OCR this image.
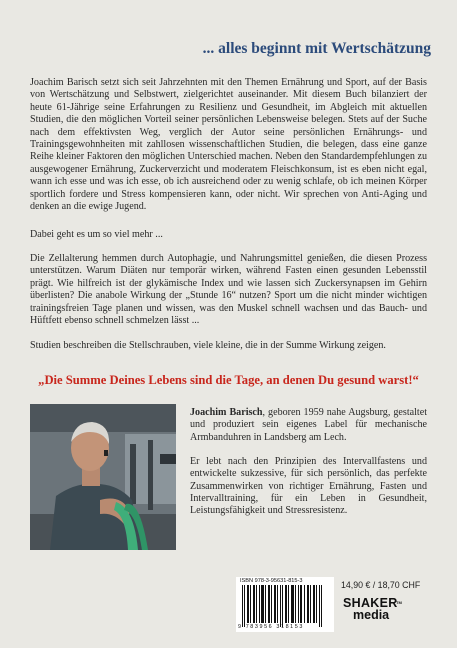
... alles beginnt mit Wertschätzung

Joachim Barisch setzt sich seit Jahrzehnten mit den Themen Ernährung und Sport, auf der Basis von Wertschätzung und Selbstwert, zielgerichtet auseinander. Mit diesem Buch bilanziert der heute 61-Jährige seine Erfahrungen zu Resilienz und Gesundheit, im Abgleich mit aktuellen Studien, die den möglichen Vorteil seiner persönlichen Lebensweise belegen. Stets auf der Suche nach dem effektivsten Weg, verglich der Autor seine persönlichen Ernährungs- und Trainingsgewohnheiten mit zahllosen wissenschaftlichen Studien, die belegen, dass eine ganze Reihe kleiner Faktoren den möglichen Unterschied machen. Neben den Standardempfehlungen zu ausgewogener Ernährung, Zuckerverzicht und moderatem Fleischkonsum, ist es eben nicht egal, wann ich esse und was ich esse, ob ich ausreichend oder zu wenig schlafe, ob ich meinen Körper sportlich fordere und Stress kompensieren kann, oder nicht. Wir sprechen von Anti-Aging und denken an die ewige Jugend.

Dabei geht es um so viel mehr ...

Die Zellalterung hemmen durch Autophagie, und Nahrungsmittel genießen, die diesen Prozess unterstützen. Warum Diäten nur temporär wirken, während Fasten einen gesunden Lebensstil prägt. Wie hilfreich ist der glykämische Index und wie lassen sich Zuckersynapsen im Gehirn überlisten? Die anabole Wirkung der „Stunde 16“ nutzen? Sport um die nicht minder wichtigen trainingsfreien Tage planen und wissen, was den Muskel schnell wachsen und das Bauch- und Hüftfett ebenso schnell schmelzen lässt ...

Studien beschreiben die Stellschrauben, viele kleine, die in der Summe Wirkung zeigen.

„Die Summe Deines Lebens sind die Tage, an denen Du gesund warst!“

Joachim Barisch, geboren 1959 nahe Augsburg, gestaltet und produziert sein eigenes Label für mechanische Armbanduhren in Landsberg am Lech.

Er lebt nach den Prinzipien des Intervallfastens und entwickelte sukzessive, für sich persönlich, das perfekte Zusammenwirken von richtiger Ernährung, Fasten und Intervalltraining, für ein Leben in Gesundheit, Leistungsfähigkeit und Stressresistenz.

ISBN 978-3-95631-815-3
9 783956 318153
14,90 € / 18,70 CHF
SHAKER
TM
media
